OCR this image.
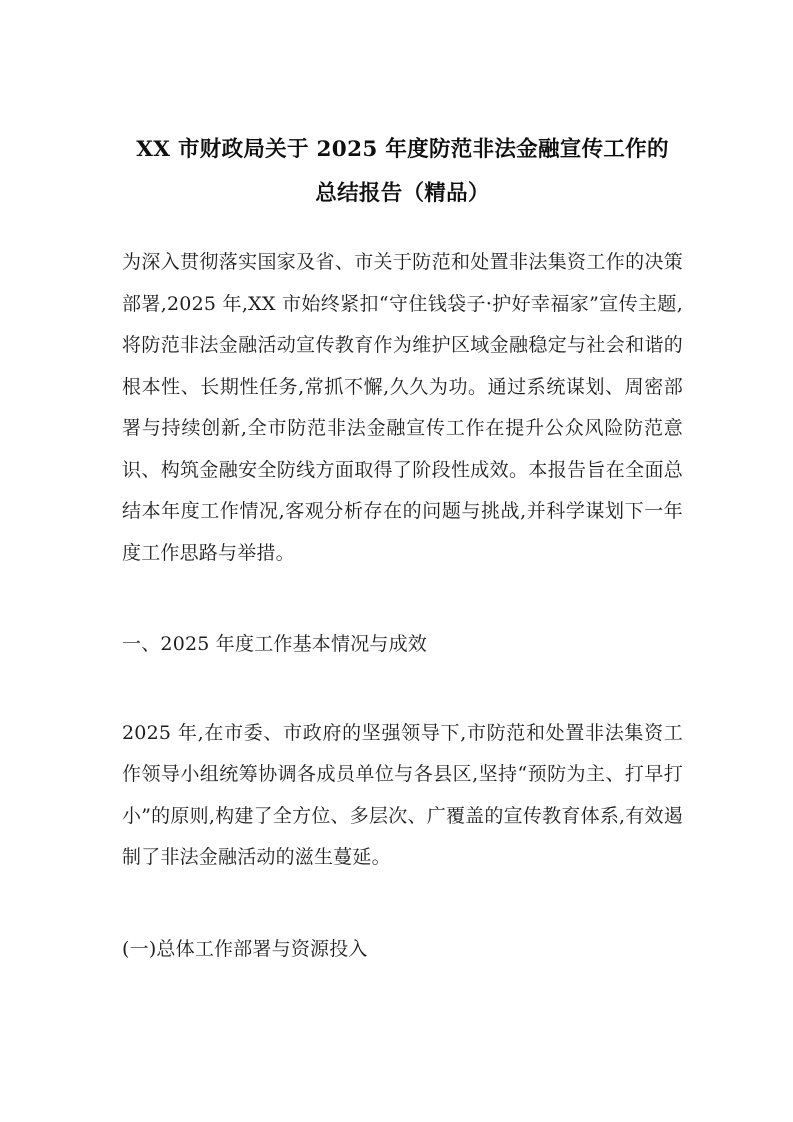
XX 市财政局关于 2025 年度防范非法金融宣传工作的
总结报告（精品）

为深入贯彻落实国家及省、市关于防范和处置非法集资工作的决策部署,2025 年,XX 市始终紧扣“守住钱袋子·护好幸福家”宣传主题,将防范非法金融活动宣传教育作为维护区域金融稳定与社会和谐的根本性、长期性任务,常抓不懈,久久为功。通过系统谋划、周密部署与持续创新,全市防范非法金融宣传工作在提升公众风险防范意识、构筑金融安全防线方面取得了阶段性成效。本报告旨在全面总结本年度工作情况,客观分析存在的问题与挑战,并科学谋划下一年度工作思路与举措。

一、2025 年度工作基本情况与成效

2025 年,在市委、市政府的坚强领导下,市防范和处置非法集资工作领导小组统筹协调各成员单位与各县区,坚持“预防为主、打早打小”的原则,构建了全方位、多层次、广覆盖的宣传教育体系,有效遏制了非法金融活动的滋生蔓延。

(一)总体工作部署与资源投入
